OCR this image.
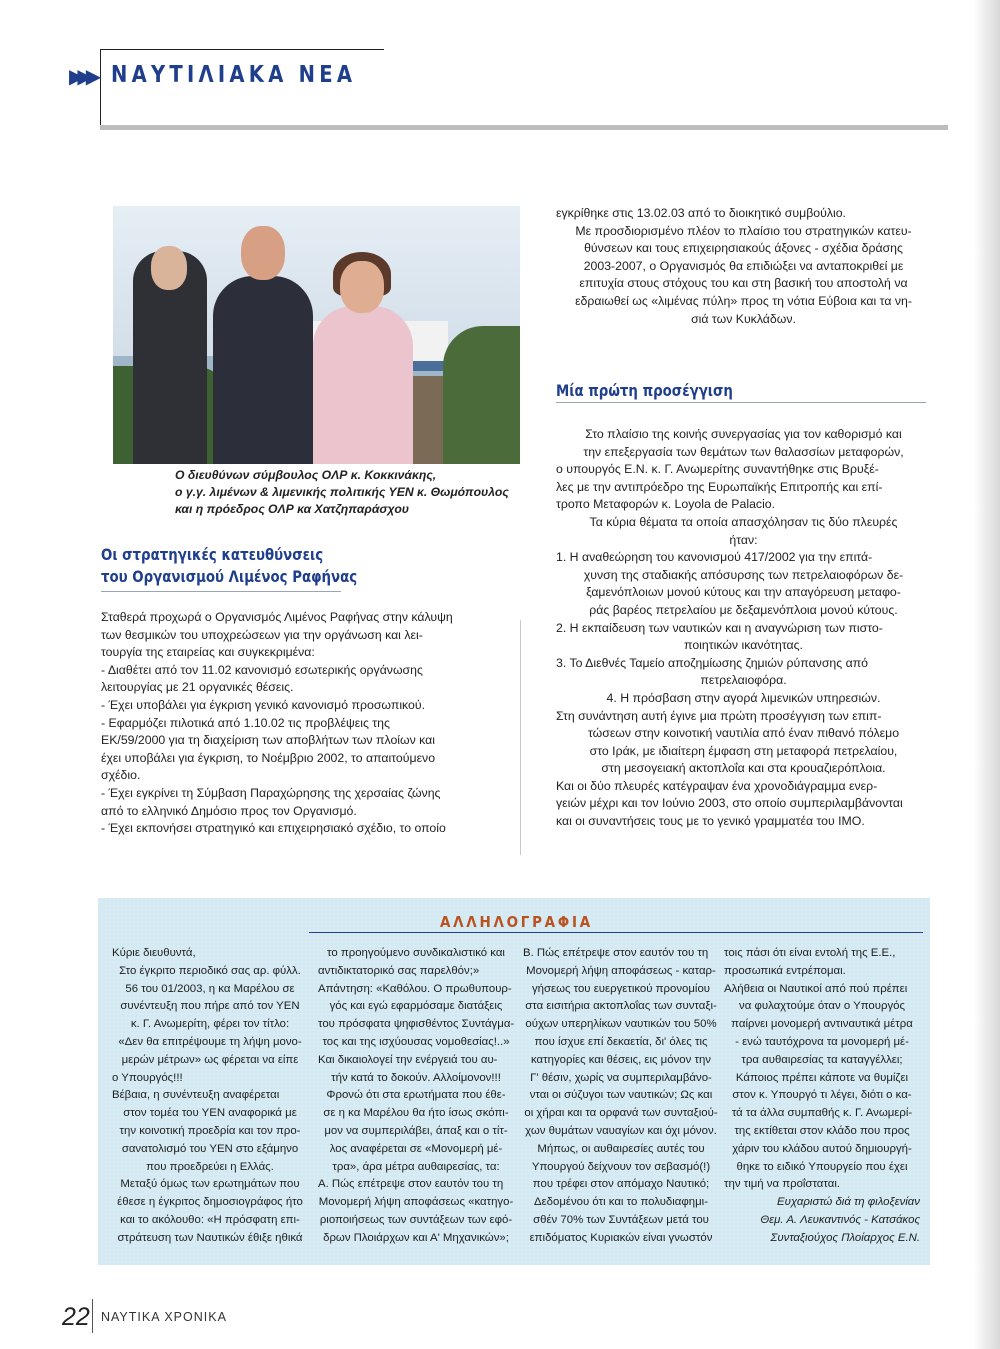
▶▶▶ ΝΑΥΤΙΛΙΑΚΑ ΝΕΑ
Ο διευθύνων σύμβουλος ΟΛΡ κ. Κοκκινάκης,
ο γ.γ. λιμένων & λιμενικής πολιτικής ΥΕΝ κ. Θωμόπουλος
και η πρόεδρος ΟΛΡ κα Χατζηπαράσχου

εγκρίθηκε στις 13.02.03 από το διοικητικό συμβούλιο.

Με προσδιορισμένο πλέον το πλαίσιο του στρατηγικών κατευ-

θύνσεων και τους επιχειρησιακούς άξονες - σχέδια δράσης

2003-2007, ο Οργανισμός θα επιδιώξει να ανταποκριθεί με

επιτυχία στους στόχους του και στη βασική του αποστολή να

εδραιωθεί ως «λιμένας πύλη» προς τη νότια Εύβοια και τα νη-

σιά των Κυκλάδων.

Μία πρώτη προσέγγιση

Στο πλαίσιο της κοινής συνεργασίας για τον καθορισμό και

την επεξεργασία των θεμάτων των θαλασσίων μεταφορών,

ο υπουργός Ε.Ν. κ. Γ. Ανωμερίτης συναντήθηκε στις Βρυξέ-

λες με την αντιπρόεδρο της Ευρωπαϊκής Επιτροπής και επί-

τροπο Μεταφορών κ. Loyola de Palacio.

Τα κύρια θέματα τα οποία απασχόλησαν τις δύο πλευρές

ήταν:

1. Η αναθεώρηση του κανονισμού 417/2002 για την επιτά-

χυνση της σταδιακής απόσυρσης των πετρελαιοφόρων δε-

ξαμενόπλοιων μονού κύτους και την απαγόρευση μεταφο-

ράς βαρέος πετρελαίου με δεξαμενόπλοια μονού κύτους.

2. Η εκπαίδευση των ναυτικών και η αναγνώριση των πιστο-

ποιητικών ικανότητας.

3. Το Διεθνές Ταμείο αποζημίωσης ζημιών ρύπανσης από

πετρελαιοφόρα.

4. Η πρόσβαση στην αγορά λιμενικών υπηρεσιών.

Στη συνάντηση αυτή έγινε μια πρώτη προσέγγιση των επιπ-

τώσεων στην κοινοτική ναυτιλία από έναν πιθανό πόλεμο

στο Ιράκ, με ιδιαίτερη έμφαση στη μεταφορά πετρελαίου,

στη μεσογειακή ακτοπλοΐα και στα κρουαζιερόπλοια.

Και οι δύο πλευρές κατέγραψαν ένα χρονοδιάγραμμα ενερ-

γειών μέχρι και τον Ιούνιο 2003, στο οποίο συμπεριλαμβάνονται

και οι συναντήσεις τους με το γενικό γραμματέα του ΙΜΟ.

Οι στρατηγικές κατευθύνσεις
του Οργανισμού Λιμένος Ραφήνας

Σταθερά προχωρά ο Οργανισμός Λιμένος Ραφήνας στην κάλυψη

των θεσμικών του υποχρεώσεων για την οργάνωση και λει-

τουργία της εταιρείας και συγκεκριμένα:

- Διαθέτει από τον 11.02 κανονισμό εσωτερικής οργάνωσης

λειτουργίας με 21 οργανικές θέσεις.

- Έχει υποβάλει για έγκριση γενικό κανονισμό προσωπικού.

- Εφαρμόζει πιλοτικά από 1.10.02 τις προβλέψεις της

ΕΚ/59/2000 για τη διαχείριση των αποβλήτων των πλοίων και

έχει υποβάλει για έγκριση, το Νοέμβριο 2002, το απαιτούμενο

σχέδιο.

- Έχει εγκρίνει τη Σύμβαση Παραχώρησης της χερσαίας ζώνης

από το ελληνικό Δημόσιο προς τον Οργανισμό.

- Έχει εκπονήσει στρατηγικό και επιχειρησιακό σχέδιο, το οποίο

ΑΛΛΗΛΟΓΡΑΦΙΑ

Κύριε διευθυντά,

Στο έγκριτο περιοδικό σας αρ. φύλλ.

56 του 01/2003, η κα Μαρέλου σε

συνέντευξη που πήρε από τον ΥΕΝ

κ. Γ. Ανωμερίτη, φέρει τον τίτλο:

«Δεν θα επιτρέψουμε τη λήψη μονο-

μερών μέτρων» ως φέρεται να είπε

ο Υπουργός!!!

Βέβαια, η συνέντευξη αναφέρεται

στον τομέα του ΥΕΝ αναφορικά με

την κοινοτική προεδρία και τον προ-

σανατολισμό του ΥΕΝ στο εξάμηνο

που προεδρεύει η Ελλάς.

Μεταξύ όμως των ερωτημάτων που

έθεσε η έγκριτος δημοσιογράφος ήτο

και το ακόλουθο: «Η πρόσφατη επι-

στράτευση των Ναυτικών έθιξε ηθικά

το προηγούμενο συνδικαλιστικό και

αντιδικτατορικό σας παρελθόν;»

Απάντηση: «Καθόλου. Ο πρωθυπουρ-

γός και εγώ εφαρμόσαμε διατάξεις

του πρόσφατα ψηφισθέντος Συντάγμα-

τος και της ισχύουσας νομοθεσίας!..»

Και δικαιολογεί την ενέργειά του αυ-

τήν κατά το δοκούν. Αλλοίμονον!!!

Φρονώ ότι στα ερωτήματα που έθε-

σε η κα Μαρέλου θα ήτο ίσως σκόπι-

μον να συμπεριλάβει, άπαξ και ο τίτ-

λος αναφέρεται σε «Μονομερή μέ-

τρα», άρα μέτρα αυθαιρεσίας, τα:

Α. Πώς επέτρεψε στον εαυτόν του τη

Μονομερή λήψη αποφάσεως «κατηγο-

ριοποιήσεως των συντάξεων των εφό-

δρων Πλοιάρχων και Α' Μηχανικών»;

Β. Πώς επέτρεψε στον εαυτόν του τη

Μονομερή λήψη αποφάσεως - καταρ-

γήσεως του ευεργετικού προνομίου

στα εισιτήρια ακτοπλοΐας των συνταξι-

ούχων υπερηλίκων ναυτικών του 50%

που ίσχυε επί δεκαετία, δι' όλες τις

κατηγορίες και θέσεις, εις μόνον την

Γ' θέσιν, χωρίς να συμπεριλαμβάνο-

νται οι σύζυγοι των ναυτικών; Ως και

οι χήραι και τα ορφανά των συνταξιού-

χων θυμάτων ναυαγίων και όχι μόνον.

Μήπως, οι αυθαιρεσίες αυτές του

Υπουργού δείχνουν τον σεβασμό(!)

που τρέφει στον απόμαχο Ναυτικό;

Δεδομένου ότι και το πολυδιαφημι-

σθέν 70% των Συντάξεων μετά του

επιδόματος Κυριακών είναι γνωστόν

τοις πάσι ότι είναι εντολή της Ε.Ε.,

προσωπικά εντρέπομαι.

Αλήθεια οι Ναυτικοί από πού πρέπει

να φυλαχτούμε όταν ο Υπουργός

παίρνει μονομερή αντιναυτικά μέτρα

- ενώ ταυτόχρονα τα μονομερή μέ-

τρα αυθαιρεσίας τα καταγγέλλει;

Κάποιος πρέπει κάποτε να θυμίζει

στον κ. Υπουργό τι λέγει, διότι ο κα-

τά τα άλλα συμπαθής κ. Γ. Ανωμερί-

της εκτίθεται στον κλάδο που προς

χάριν του κλάδου αυτού δημιουργή-

θηκε το ειδικό Υπουργείο που έχει

την τιμή να προΐσταται.

Ευχαριστώ διά τη φιλοξενίαν

Θεμ. Α. Λευκαντινός - Κατσάκος

Συνταξιούχος Πλοίαρχος Ε.Ν.

22 ΝΑΥΤΙΚΑ ΧΡΟΝΙΚΑ
